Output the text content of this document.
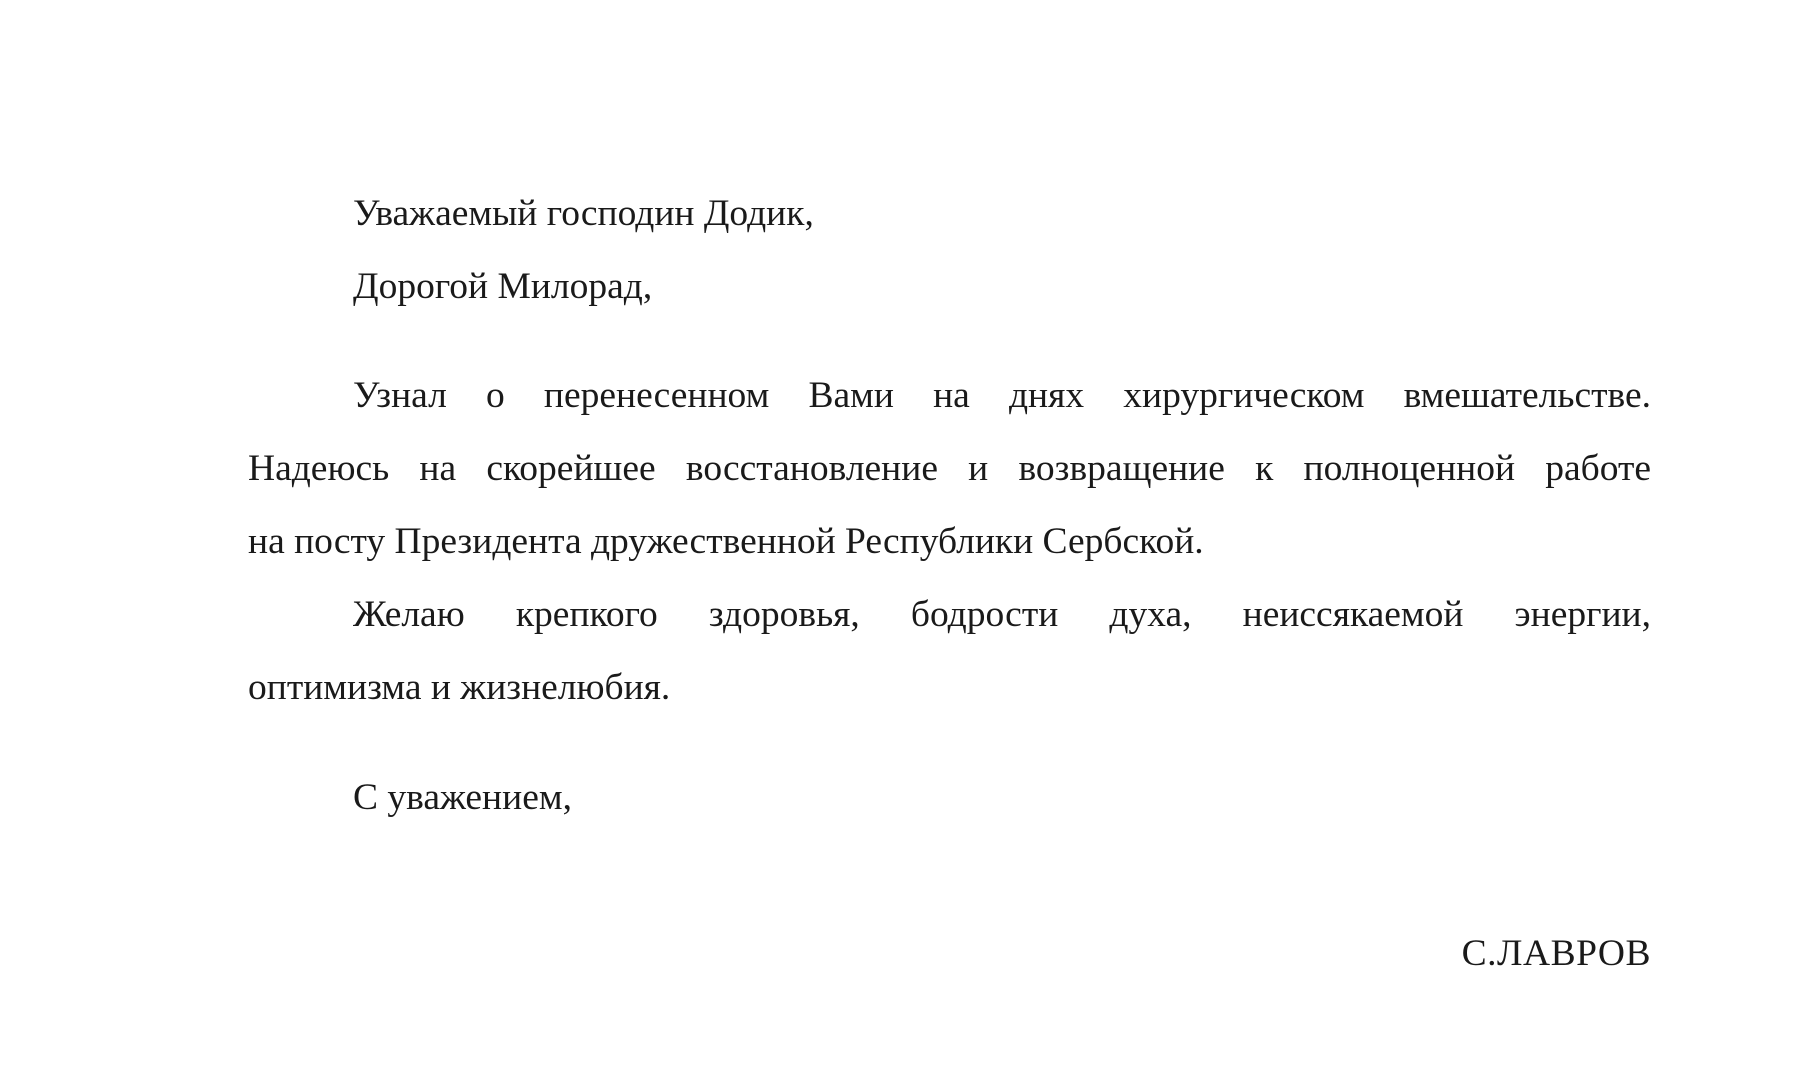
Уважаемый господин Додик,
Дорогой Милорад,
Узнал о перенесенном Вами на днях хирургическом вмешательстве.
Надеюсь на скорейшее восстановление и возвращение к полноценной работе
на посту Президента дружественной Республики Сербской.
Желаю крепкого здоровья, бодрости духа, неиссякаемой энергии,
оптимизма и жизнелюбия.
С уважением,
С.ЛАВРОВ
